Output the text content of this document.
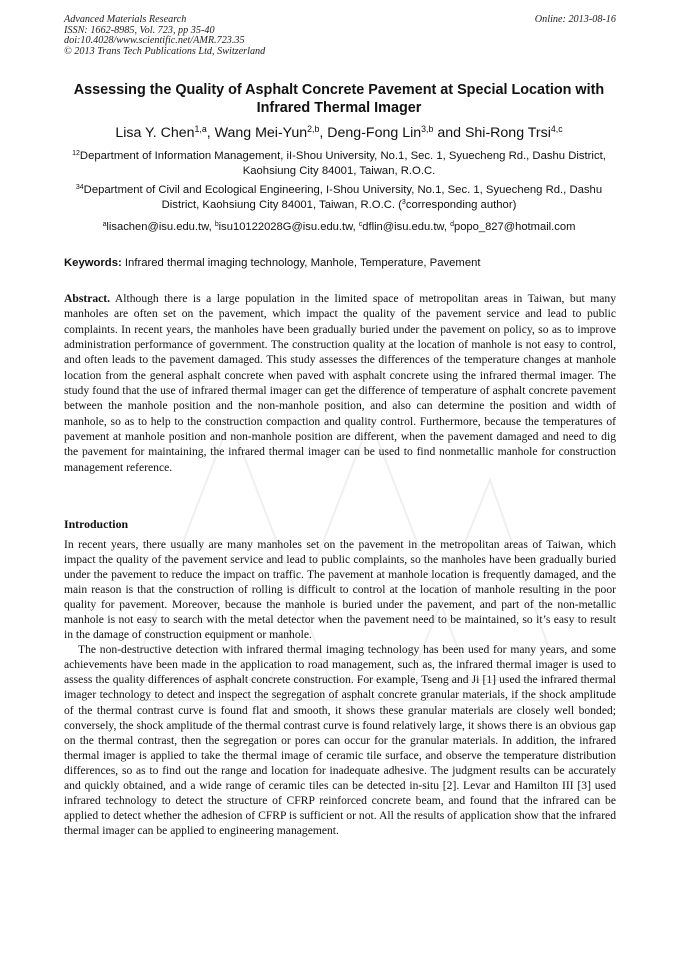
Advanced Materials Research
ISSN: 1662-8985, Vol. 723, pp 35-40
doi:10.4028/www.scientific.net/AMR.723.35
© 2013 Trans Tech Publications Ltd, Switzerland
Online: 2013-08-16
Assessing the Quality of Asphalt Concrete Pavement at Special Location with Infrared Thermal Imager
Lisa Y. Chen$^{1,a}$, Wang Mei-Yun$^{2,b}$, Deng-Fong Lin$^{3,b}$ and Shi-Rong Trsi$^{4,c}$
$^{12}$Department of Information Management, iI-Shou University, No.1, Sec. 1, Syuecheng Rd., Dashu District, Kaohsiung City 84001, Taiwan, R.O.C.
$^{34}$Department of Civil and Ecological Engineering, I-Shou University, No.1, Sec. 1, Syuecheng Rd., Dashu District, Kaohsiung City 84001, Taiwan, R.O.C. ($^3$corresponding author)
$^a$lisachen@isu.edu.tw, $^b$isu10122028G@isu.edu.tw, $^c$dflin@isu.edu.tw, $^d$popo_827@hotmail.com
Keywords: Infrared thermal imaging technology, Manhole, Temperature, Pavement
Abstract. Although there is a large population in the limited space of metropolitan areas in Taiwan, but many manholes are often set on the pavement, which impact the quality of the pavement service and lead to public complaints. In recent years, the manholes have been gradually buried under the pavement on policy, so as to improve administration performance of government. The construction quality at the location of manhole is not easy to control, and often leads to the pavement damaged. This study assesses the differences of the temperature changes at manhole location from the general asphalt concrete when paved with asphalt concrete using the infrared thermal imager. The study found that the use of infrared thermal imager can get the difference of temperature of asphalt concrete pavement between the manhole position and the non-manhole position, and also can determine the position and width of manhole, so as to help to the construction compaction and quality control. Furthermore, because the temperatures of pavement at manhole position and non-manhole position are different, when the pavement damaged and need to dig the pavement for maintaining, the infrared thermal imager can be used to find nonmetallic manhole for construction management reference.
Introduction

In recent years, there usually are many manholes set on the pavement in the metropolitan areas of Taiwan, which impact the quality of the pavement service and lead to public complaints, so the manholes have been gradually buried under the pavement to reduce the impact on traffic. The pavement at manhole location is frequently damaged, and the main reason is that the construction of rolling is difficult to control at the location of manhole resulting in the poor quality for pavement. Moreover, because the manhole is buried under the pavement, and part of the non-metallic manhole is not easy to search with the metal detector when the pavement need to be maintained, so it’s easy to result in the damage of construction equipment or manhole.

The non-destructive detection with infrared thermal imaging technology has been used for many years, and some achievements have been made in the application to road management, such as, the infrared thermal imager is used to assess the quality differences of asphalt concrete construction. For example, Tseng and Ji [1] used the infrared thermal imager technology to detect and inspect the segregation of asphalt concrete granular materials, if the shock amplitude of the thermal contrast curve is found flat and smooth, it shows these granular materials are closely well bonded; conversely, the shock amplitude of the thermal contrast curve is found relatively large, it shows there is an obvious gap on the thermal contrast, then the segregation or pores can occur for the granular materials. In addition, the infrared thermal imager is applied to take the thermal image of ceramic tile surface, and observe the temperature distribution differences, so as to find out the range and location for inadequate adhesive. The judgment results can be accurately and quickly obtained, and a wide range of ceramic tiles can be detected in-situ [2]. Levar and Hamilton III [3] used infrared technology to detect the structure of CFRP reinforced concrete beam, and found that the infrared can be applied to detect whether the adhesion of CFRP is sufficient or not. All the results of application show that the infrared thermal imager can be applied to engineering management.
